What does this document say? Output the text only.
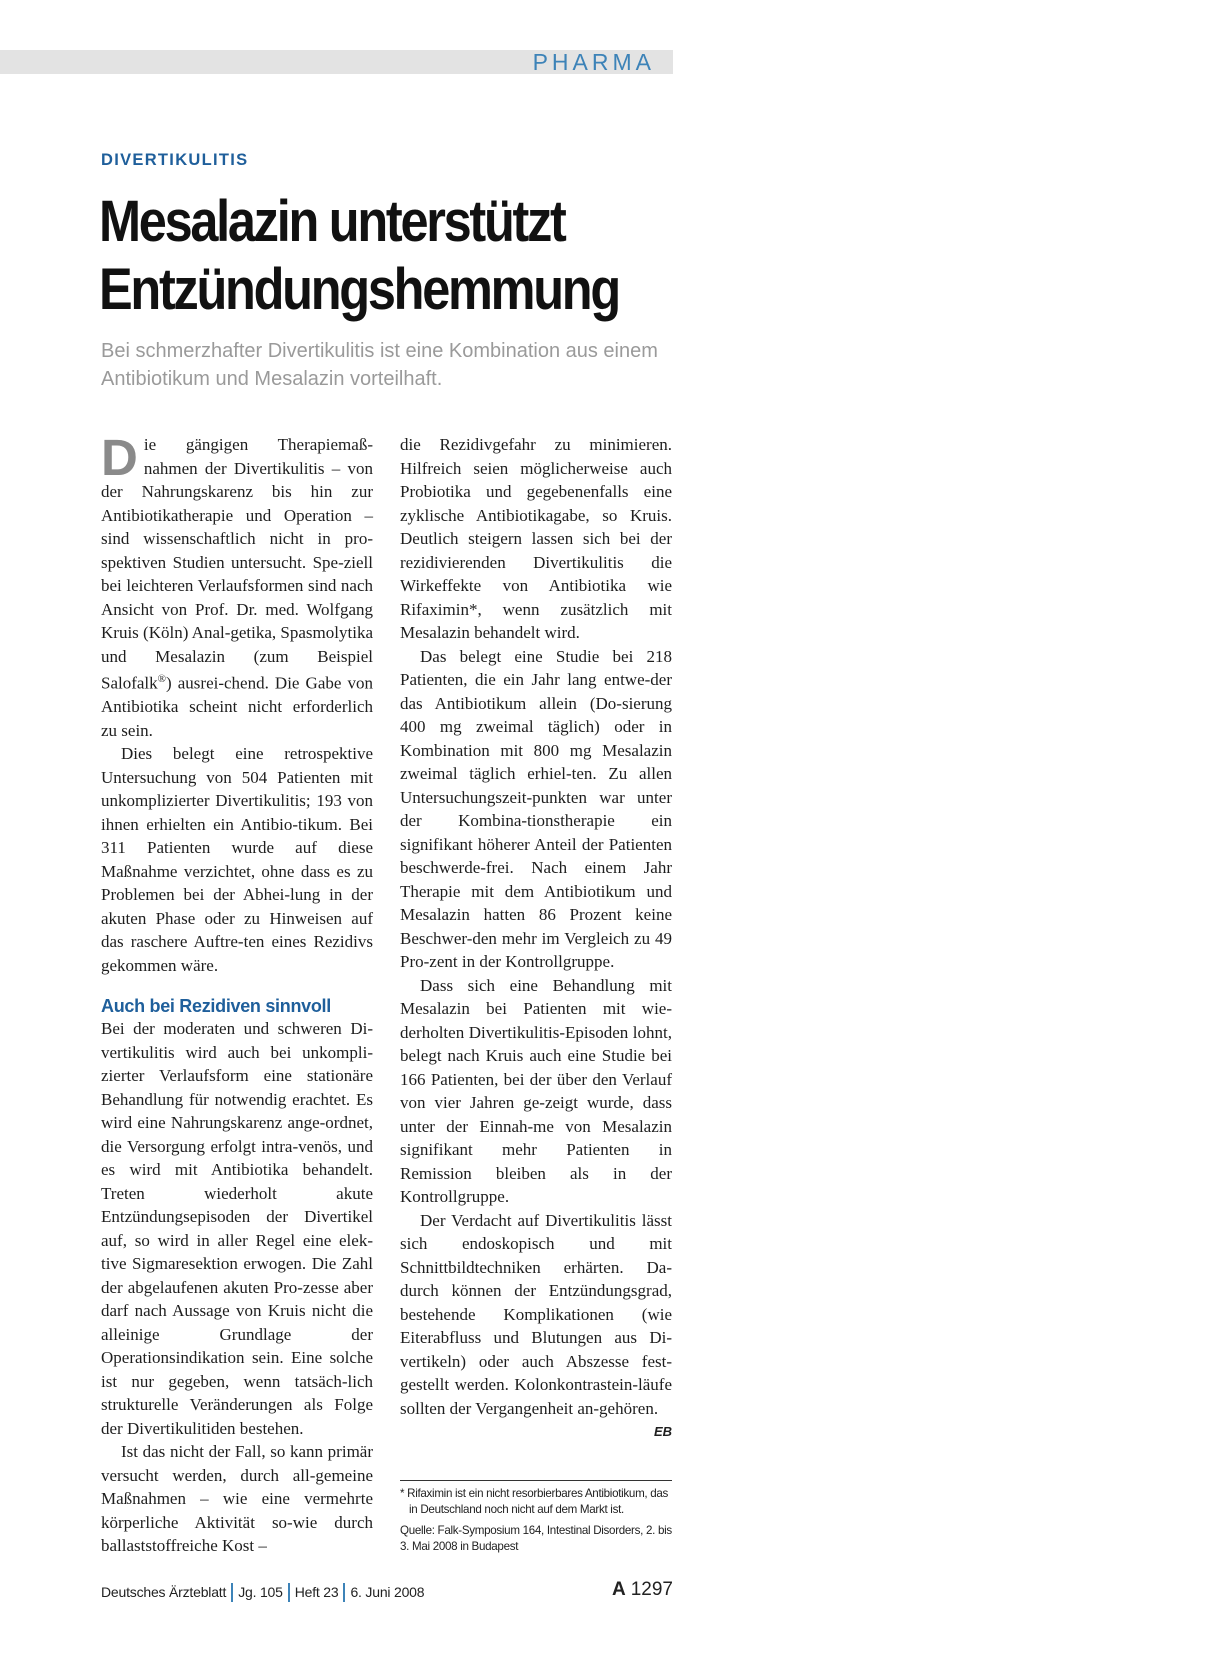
PHARMA
DIVERTIKULITIS
Mesalazin unterstützt
Entzündungshemmung

Bei schmerzhafter Divertikulitis ist eine Kombination aus einem Antibiotikum und Mesalazin vorteilhaft.

Die gängigen Therapiemaß-nahmen der Divertikulitis – von der Nahrungskarenz bis hin zur Antibiotikatherapie und Operation – sind wissenschaftlich nicht in pro-spektiven Studien untersucht. Spe-ziell bei leichteren Verlaufsformen sind nach Ansicht von Prof. Dr. med. Wolfgang Kruis (Köln) Anal-getika, Spasmolytika und Mesalazin (zum Beispiel Salofalk®) ausrei-chend. Die Gabe von Antibiotika scheint nicht erforderlich zu sein.

Dies belegt eine retrospektive Untersuchung von 504 Patienten mit unkomplizierter Divertikulitis; 193 von ihnen erhielten ein Antibio-tikum. Bei 311 Patienten wurde auf diese Maßnahme verzichtet, ohne dass es zu Problemen bei der Abhei-lung in der akuten Phase oder zu Hinweisen auf das raschere Auftre-ten eines Rezidivs gekommen wäre.

Auch bei Rezidiven sinnvoll

Bei der moderaten und schweren Di-vertikulitis wird auch bei unkompli-zierter Verlaufsform eine stationäre Behandlung für notwendig erachtet. Es wird eine Nahrungskarenz ange-ordnet, die Versorgung erfolgt intra-venös, und es wird mit Antibiotika behandelt. Treten wiederholt akute Entzündungsepisoden der Divertikel auf, so wird in aller Regel eine elek-tive Sigmaresektion erwogen. Die Zahl der abgelaufenen akuten Pro-zesse aber darf nach Aussage von Kruis nicht die alleinige Grundlage der Operationsindikation sein. Eine solche ist nur gegeben, wenn tatsäch-lich strukturelle Veränderungen als Folge der Divertikulitiden bestehen.

Ist das nicht der Fall, so kann primär versucht werden, durch all-gemeine Maßnahmen – wie eine vermehrte körperliche Aktivität so-wie durch ballaststoffreiche Kost –

die Rezidivgefahr zu minimieren. Hilfreich seien möglicherweise auch Probiotika und gegebenenfalls eine zyklische Antibiotikagabe, so Kruis. Deutlich steigern lassen sich bei der rezidivierenden Divertikulitis die Wirkeffekte von Antibiotika wie Rifaximin*, wenn zusätzlich mit Mesalazin behandelt wird.

Das belegt eine Studie bei 218 Patienten, die ein Jahr lang entwe-der das Antibiotikum allein (Do-sierung 400 mg zweimal täglich) oder in Kombination mit 800 mg Mesalazin zweimal täglich erhiel-ten. Zu allen Untersuchungszeit-punkten war unter der Kombina-tionstherapie ein signifikant höherer Anteil der Patienten beschwerde-frei. Nach einem Jahr Therapie mit dem Antibiotikum und Mesalazin hatten 86 Prozent keine Beschwer-den mehr im Vergleich zu 49 Pro-zent in der Kontrollgruppe.

Dass sich eine Behandlung mit Mesalazin bei Patienten mit wie-derholten Divertikulitis-Episoden lohnt, belegt nach Kruis auch eine Studie bei 166 Patienten, bei der über den Verlauf von vier Jahren ge-zeigt wurde, dass unter der Einnah-me von Mesalazin signifikant mehr Patienten in Remission bleiben als in der Kontrollgruppe.

Der Verdacht auf Divertikulitis lässt sich endoskopisch und mit Schnittbildtechniken erhärten. Da-durch können der Entzündungsgrad, bestehende Komplikationen (wie Eiterabfluss und Blutungen aus Di-vertikeln) oder auch Abszesse fest-gestellt werden. Kolonkontrastein-läufe sollten der Vergangenheit an-gehören.
EB

* Rifaximin ist ein nicht resorbierbares Antibiotikum, das in Deutschland noch nicht auf dem Markt ist.

Quelle: Falk-Symposium 164, Intestinal Disorders, 2. bis 3. Mai 2008 in Budapest

Deutsches Ärzteblatt Jg. 105 Heft 23 6. Juni 2008	A 1297
